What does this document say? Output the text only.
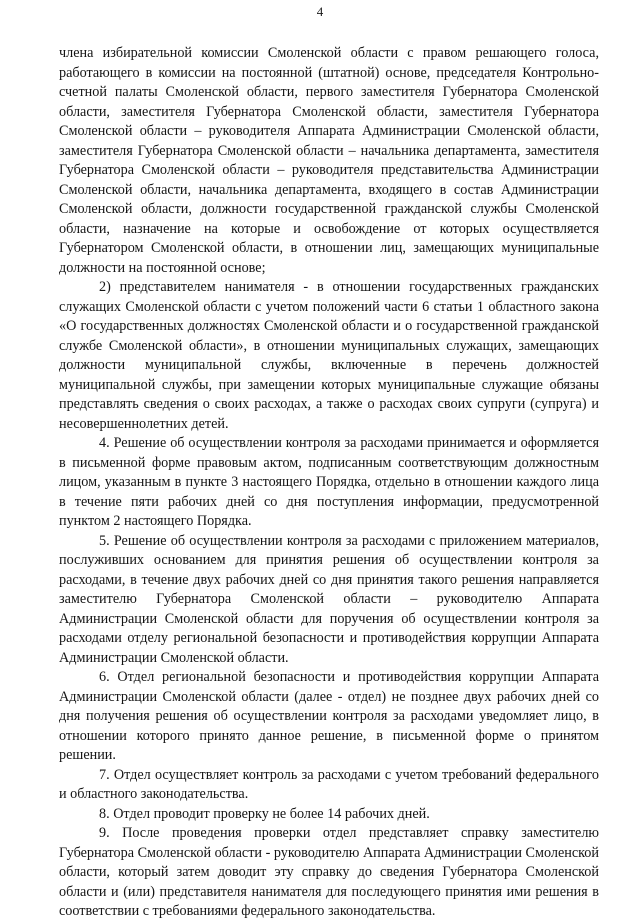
4

члена избирательной комиссии Смоленской области с правом решающего голоса, работающего в комиссии на постоянной (штатной) основе, председателя Контрольно-счетной палаты Смоленской области, первого заместителя Губернатора Смоленской области, заместителя Губернатора Смоленской области, заместителя Губернатора Смоленской области – руководителя Аппарата Администрации Смоленской области, заместителя Губернатора Смоленской области – начальника департамента, заместителя Губернатора Смоленской области – руководителя представительства Администрации Смоленской области, начальника департамента, входящего в состав Администрации Смоленской области, должности государственной гражданской службы Смоленской области, назначение на которые и освобождение от которых осуществляется Губернатором Смоленской области, в отношении лиц, замещающих муниципальные должности на постоянной основе;

2) представителем нанимателя - в отношении государственных гражданских служащих Смоленской области с учетом положений части 6 статьи 1 областного закона «О государственных должностях Смоленской области и о государственной гражданской службе Смоленской области», в отношении муниципальных служащих, замещающих должности муниципальной службы, включенные в перечень должностей муниципальной службы, при замещении которых муниципальные служащие обязаны представлять сведения о своих расходах, а также о расходах своих супруги (супруга) и несовершеннолетних детей.

4. Решение об осуществлении контроля за расходами принимается и оформляется в письменной форме правовым актом, подписанным соответствующим должностным лицом, указанным в пункте 3 настоящего Порядка, отдельно в отношении каждого лица в течение пяти рабочих дней со дня поступления информации, предусмотренной пунктом 2 настоящего Порядка.

5. Решение об осуществлении контроля за расходами с приложением материалов, послуживших основанием для принятия решения об осуществлении контроля за расходами, в течение двух рабочих дней со дня принятия такого решения направляется заместителю Губернатора Смоленской области – руководителю Аппарата Администрации Смоленской области для поручения об осуществлении контроля за расходами отделу региональной безопасности и противодействия коррупции Аппарата Администрации Смоленской области.

6. Отдел региональной безопасности и противодействия коррупции Аппарата Администрации Смоленской области (далее - отдел) не позднее двух рабочих дней со дня получения решения об осуществлении контроля за расходами уведомляет лицо, в отношении которого принято данное решение, в письменной форме о принятом решении.

7. Отдел осуществляет контроль за расходами с учетом требований федерального и областного законодательства.

8. Отдел проводит проверку не более 14 рабочих дней.

9. После проведения проверки отдел представляет справку заместителю Губернатора Смоленской области - руководителю Аппарата Администрации Смоленской области, который затем доводит эту справку до сведения Губернатора Смоленской области и (или) представителя нанимателя для последующего принятия ими решения в соответствии с требованиями федерального законодательства.
